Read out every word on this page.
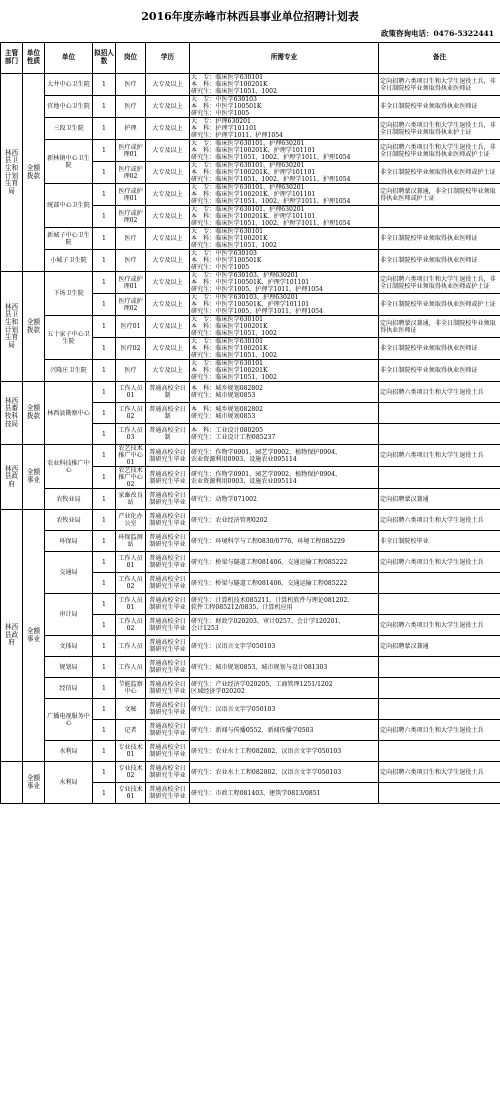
2016年度赤峰市林西县事业单位招聘计划表
政策咨询电话：0476-5322441
主管部门	单位性质	单位	拟招人数	岗位	学历	所需专业	备注
林西县卫生和计划生育局	全额拨款	大井中心卫生院	1	医疗	大专及以上	大　专：临床医学630101
本　科：临床医学100201K
研究生：临床医学1051、1002	定向招聘六类项目生和大学生退役士兵，非全日制院校毕业须取得执业医师证
		官地中心卫生院	1	医疗	大专及以上	大　专：中医学630103
本　科：中医学100501K
研究生：中医学1005	非全日制院校毕业须取得执业医师证
		三段卫生院	1	护理	大专及以上	大　专：护理630201
本　科：护理学101101
研究生：护理学1011、护理1054	定向招聘六类项目生和大学生退役士兵，非全日制院校毕业须取得执业护士证
		新林镇中心卫生院	1	医疗或护理01	大专及以上	大　专：临床医学630101、护理630201
本　科：临床医学100201K、护理学101101
研究生：临床医学1051、1002、护理学1011、护理1054	定向招聘六类项目生和大学生退役士兵，非全日制院校毕业须取得执业医师或护士证
			1	医疗或护理02	大专及以上	大　专：临床医学630101、护理630201
本　科：临床医学100201K、护理学101101
研究生：临床医学1051、1002、护理学1011、护理1054	非全日制院校毕业须取得执业医师或护士证
		统部中心卫生院	1	医疗或护理01	大专及以上	大　专：临床医学630101、护理630201
本　科：临床医学100201K、护理学101101
研究生：临床医学1051、1002、护理学1011、护理1054	定向招聘蒙汉兼通，非全日制院校毕业须取得执业医师或护士证
			1	医疗或护理02	大专及以上	大　专：临床医学630101、护理630201
本　科：临床医学100201K、护理学101101
研究生：临床医学1051、1002、护理学1011、护理1054	
		新城子中心卫生院	1	医疗	大专及以上	大　专：临床医学630101
本　科：临床医学100201K
研究生：临床医学1051、1002	非全日制院校毕业须取得执业医师证
		小城子卫生院	1	医疗	大专及以上	大　专：中医学630103
本　科：中医学100501K
研究生：中医学1005	非全日制院校毕业须取得执业医师证
林西县卫生和计划生育局	全额拨款	下场卫生院	1	医疗或护理01	大专及以上	大　专：中医学630103、护理630201
本　科：中医学100501K、护理学101101
研究生：中医学1005、护理学1011、护理1054	定向招聘六类项目生和大学生退役士兵，非全日制院校毕业须取得执业医师或护士证
			1	医疗或护理02	大专及以上	大　专：中医学630103、护理630201
本　科：中医学100501K、护理学101101
研究生：中医学1005、护理学1011、护理1054	非全日制院校毕业须取得执业医师或护士证
		五十家子中心卫生院	1	医疗01	大专及以上	大　专：临床医学630101
本　科：临床医学100201K
研究生：临床医学1051、1002	定向招聘蒙汉兼通，非全日制院校毕业须取得执业医师证
			1	医疗02	大专及以上	大　专：临床医学630101
本　科：临床医学100201K
研究生：临床医学1051、1002	非全日制院校毕业须取得执业医师证
		兴隆庄卫生院	1	医疗	大专及以上	大　专：临床医学630101
本　科：临床医学100201K
研究生：临床医学1051、1002	非全日制院校毕业须取得执业医师证
林西县畜牧科技局	全额拨款	林西县勘察中心	1	工作人员01	普通高校全日制	本　科：城乡规划082802
研究生：城市规划0853	定向招聘六类项目生和大学生退役士兵
			1	工作人员02	普通高校全日制	本　科：城乡规划082802
研究生：城市规划0853	
			1	工作人员03	普通高校全日制	本　科：工业设计080205
研究生：工业设计工程085237	
林西县政府	全额事业	农业科技推广中心	1	农艺技术推广中心01	普通高校全日制研究生毕业	研究生：作物学0901、园艺学0902、植物保护0904、
农业资源利用0903、设施农业095114	定向招聘六类项目生和大学生退役士兵
			1	农艺技术推广中心02	普通高校全日制研究生毕业	研究生：作物学0901、园艺学0902、植物保护0904、
农业资源利用0903、设施农业095114	
		农牧业局	1	家畜改良站	普通高校全日制研究生毕业	研究生：动物学071002	定向招聘蒙汉兼通
林西县政府	全额事业	农牧业局	1	产业化办公室	普通高校全日制研究生毕业	研究生：农业经济管理0202	定向招聘六类项目生和大学生退役士兵
		环保局	1	环保监测站	普通高校全日制研究生毕业	研究生：环境科学与工程0830/0776、环境工程085229	非全日制院校毕业
		交通局	1	工作人员01	普通高校全日制研究生毕业	研究生：桥梁与隧道工程081406、交通运输工程085222	定向招聘六类项目生和大学生退役士兵
			1	工作人员02	普通高校全日制研究生毕业	研究生：桥梁与隧道工程081406、交通运输工程085222	
		审计局	1	工作人员01	普通高校全日制研究生毕业	研究生：计算机技术085211、计算机软件与理论081202、
软件工程085212/0835、计算机应用	
			1	工作人员02	普通高校全日制研究生毕业	研究生：财政学020203、审计0257、会计学120201、
会计1253	定向招聘六类项目生和大学生退役士兵
		文体局	1	工作人员	普通高校全日制研究生毕业	研究生：汉语言文字学050103	定向招聘蒙汉兼通
		规划局	1	工作人员	普通高校全日制研究生毕业	研究生：城市规划0853、城市规划与设计081303	
		经信局	1	节能监察中心	普通高校全日制研究生毕业	研究生：产业经济学020205、工商管理1251/1202
区域经济学020202	
		广播电视服务中心	1	文秘	普通高校全日制研究生毕业	研究生：汉语言文字学050103	
			1	记者	普通高校全日制研究生毕业	研究生：新闻与传播0552、新闻传播学0503	定向招聘六类项目生和大学生退役士兵
		水利局	1	专业技术01	普通高校全日制研究生毕业	研究生：农业水土工程082802、汉语言文字学050103	
	全额事业	水利局	1	专业技术02	普通高校全日制研究生毕业	研究生：农业水土工程082802、汉语言文字学050103	定向招聘六类项目生和大学生退役士兵
			1	专业技术01	普通高校全日制研究生毕业	研究生：市政工程081403、建筑学0813/0851	
